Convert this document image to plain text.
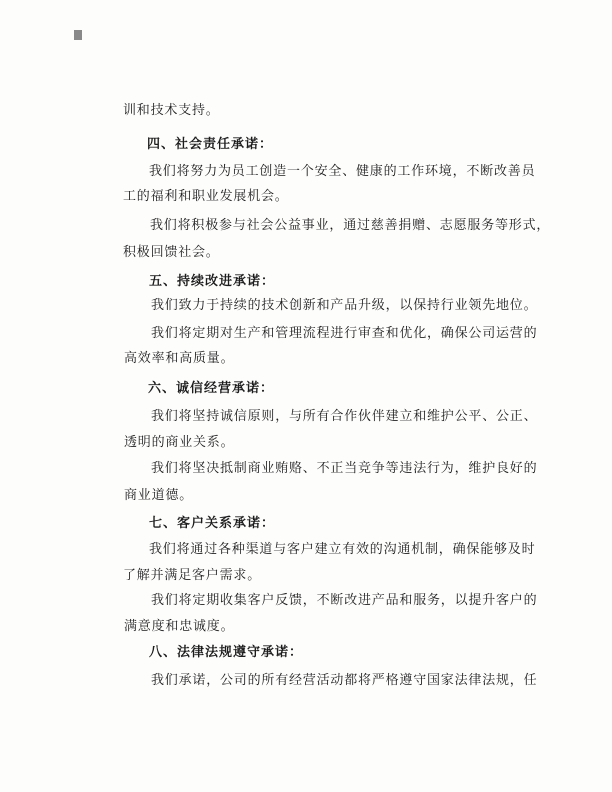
训和技术支持。
四、社会责任承诺：
我们将努力为员工创造一个安全、健康的工作环境，不断改善员
工的福利和职业发展机会。
我们将积极参与社会公益事业，通过慈善捐赠、志愿服务等形式，
积极回馈社会。
五、持续改进承诺：
我们致力于持续的技术创新和产品升级，以保持行业领先地位。
我们将定期对生产和管理流程进行审查和优化，确保公司运营的
高效率和高质量。
六、诚信经营承诺：
我们将坚持诚信原则，与所有合作伙伴建立和维护公平、公正、
透明的商业关系。
我们将坚决抵制商业贿赂、不正当竞争等违法行为，维护良好的
商业道德。
七、客户关系承诺：
我们将通过各种渠道与客户建立有效的沟通机制，确保能够及时
了解并满足客户需求。
我们将定期收集客户反馈，不断改进产品和服务，以提升客户的
满意度和忠诚度。
八、法律法规遵守承诺：
我们承诺，公司的所有经营活动都将严格遵守国家法律法规，任
